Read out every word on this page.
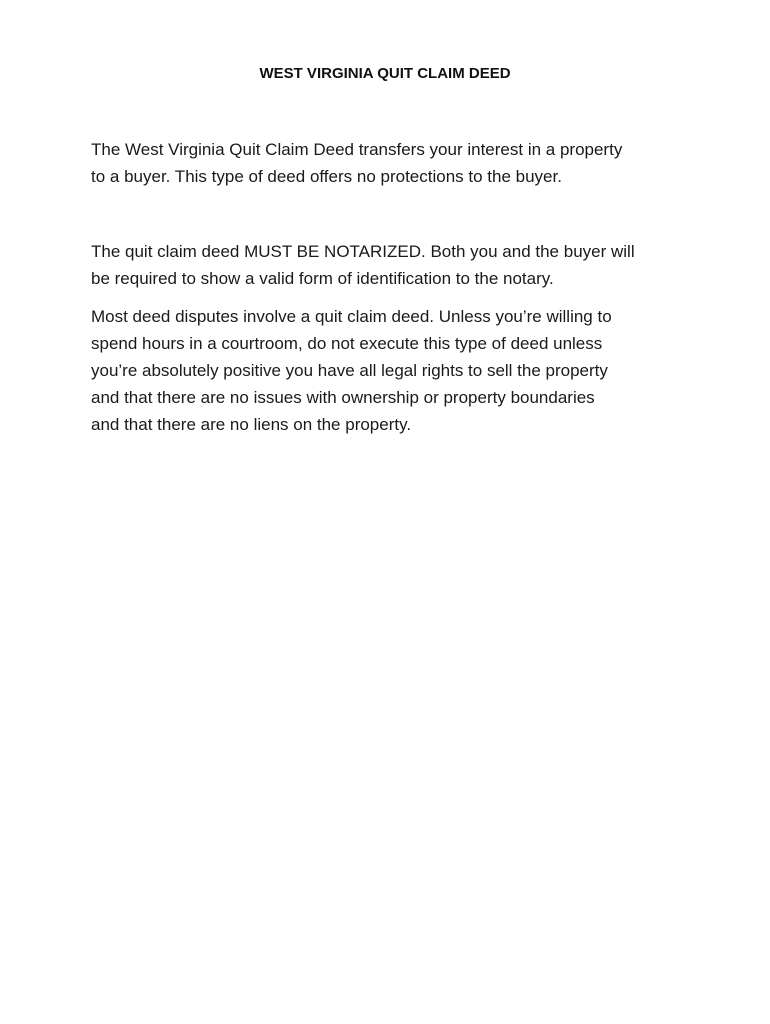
WEST VIRGINIA QUIT CLAIM DEED

The West Virginia Quit Claim Deed transfers your interest in a property
to a buyer. This type of deed offers no protections to the buyer.

The quit claim deed MUST BE NOTARIZED. Both you and the buyer will
be required to show a valid form of identification to the notary.

Most deed disputes involve a quit claim deed. Unless you’re willing to
spend hours in a courtroom, do not execute this type of deed unless
you’re absolutely positive you have all legal rights to sell the property
and that there are no issues with ownership or property boundaries
and that there are no liens on the property.
